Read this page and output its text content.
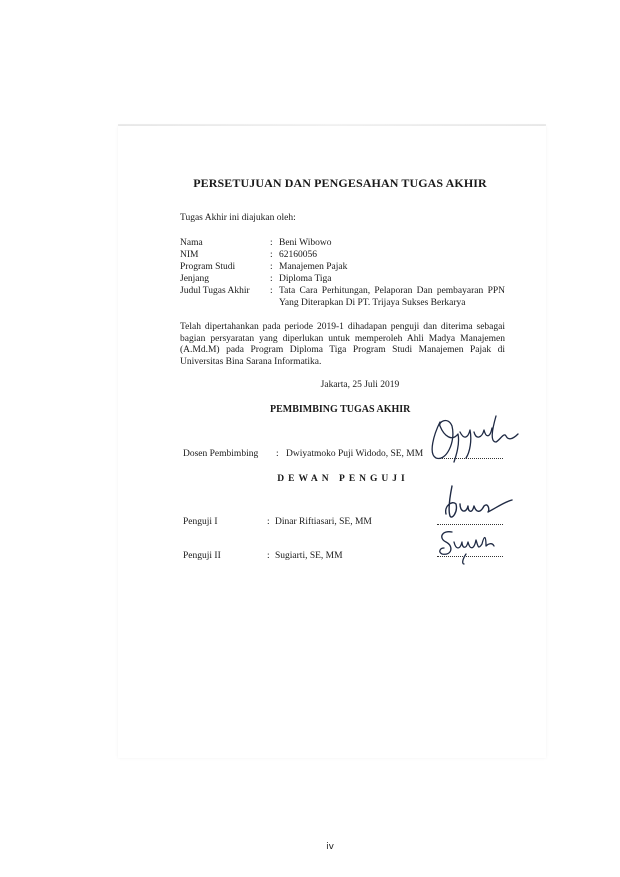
PERSETUJUAN DAN PENGESAHAN TUGAS AKHIR
Tugas Akhir ini diajukan oleh:
Nama	: Beni Wibowo
NIM	: 62160056
Program Studi	: Manajemen Pajak
Jenjang	: Diploma Tiga
Judul Tugas Akhir	: Tata Cara Perhitungan, Pelaporan Dan pembayaran PPN Yang Diterapkan Di PT. Trijaya Sukses Berkarya
Telah dipertahankan pada periode 2019-1 dihadapan penguji dan diterima sebagai bagian persyaratan yang diperlukan untuk memperoleh Ahli Madya Manajemen (A.Md.M) pada Program Diploma Tiga Program Studi Manajemen Pajak di Universitas Bina Sarana Informatika.
Jakarta, 25 Juli 2019
PEMBIMBING TUGAS AKHIR
Dosen Pembimbing : Dwiyatmoko Puji Widodo, SE, MM
DEWAN PENGUJI
Penguji I	: Dinar Riftiasari, SE, MM
Penguji II	: Sugiarti, SE, MM
iv
